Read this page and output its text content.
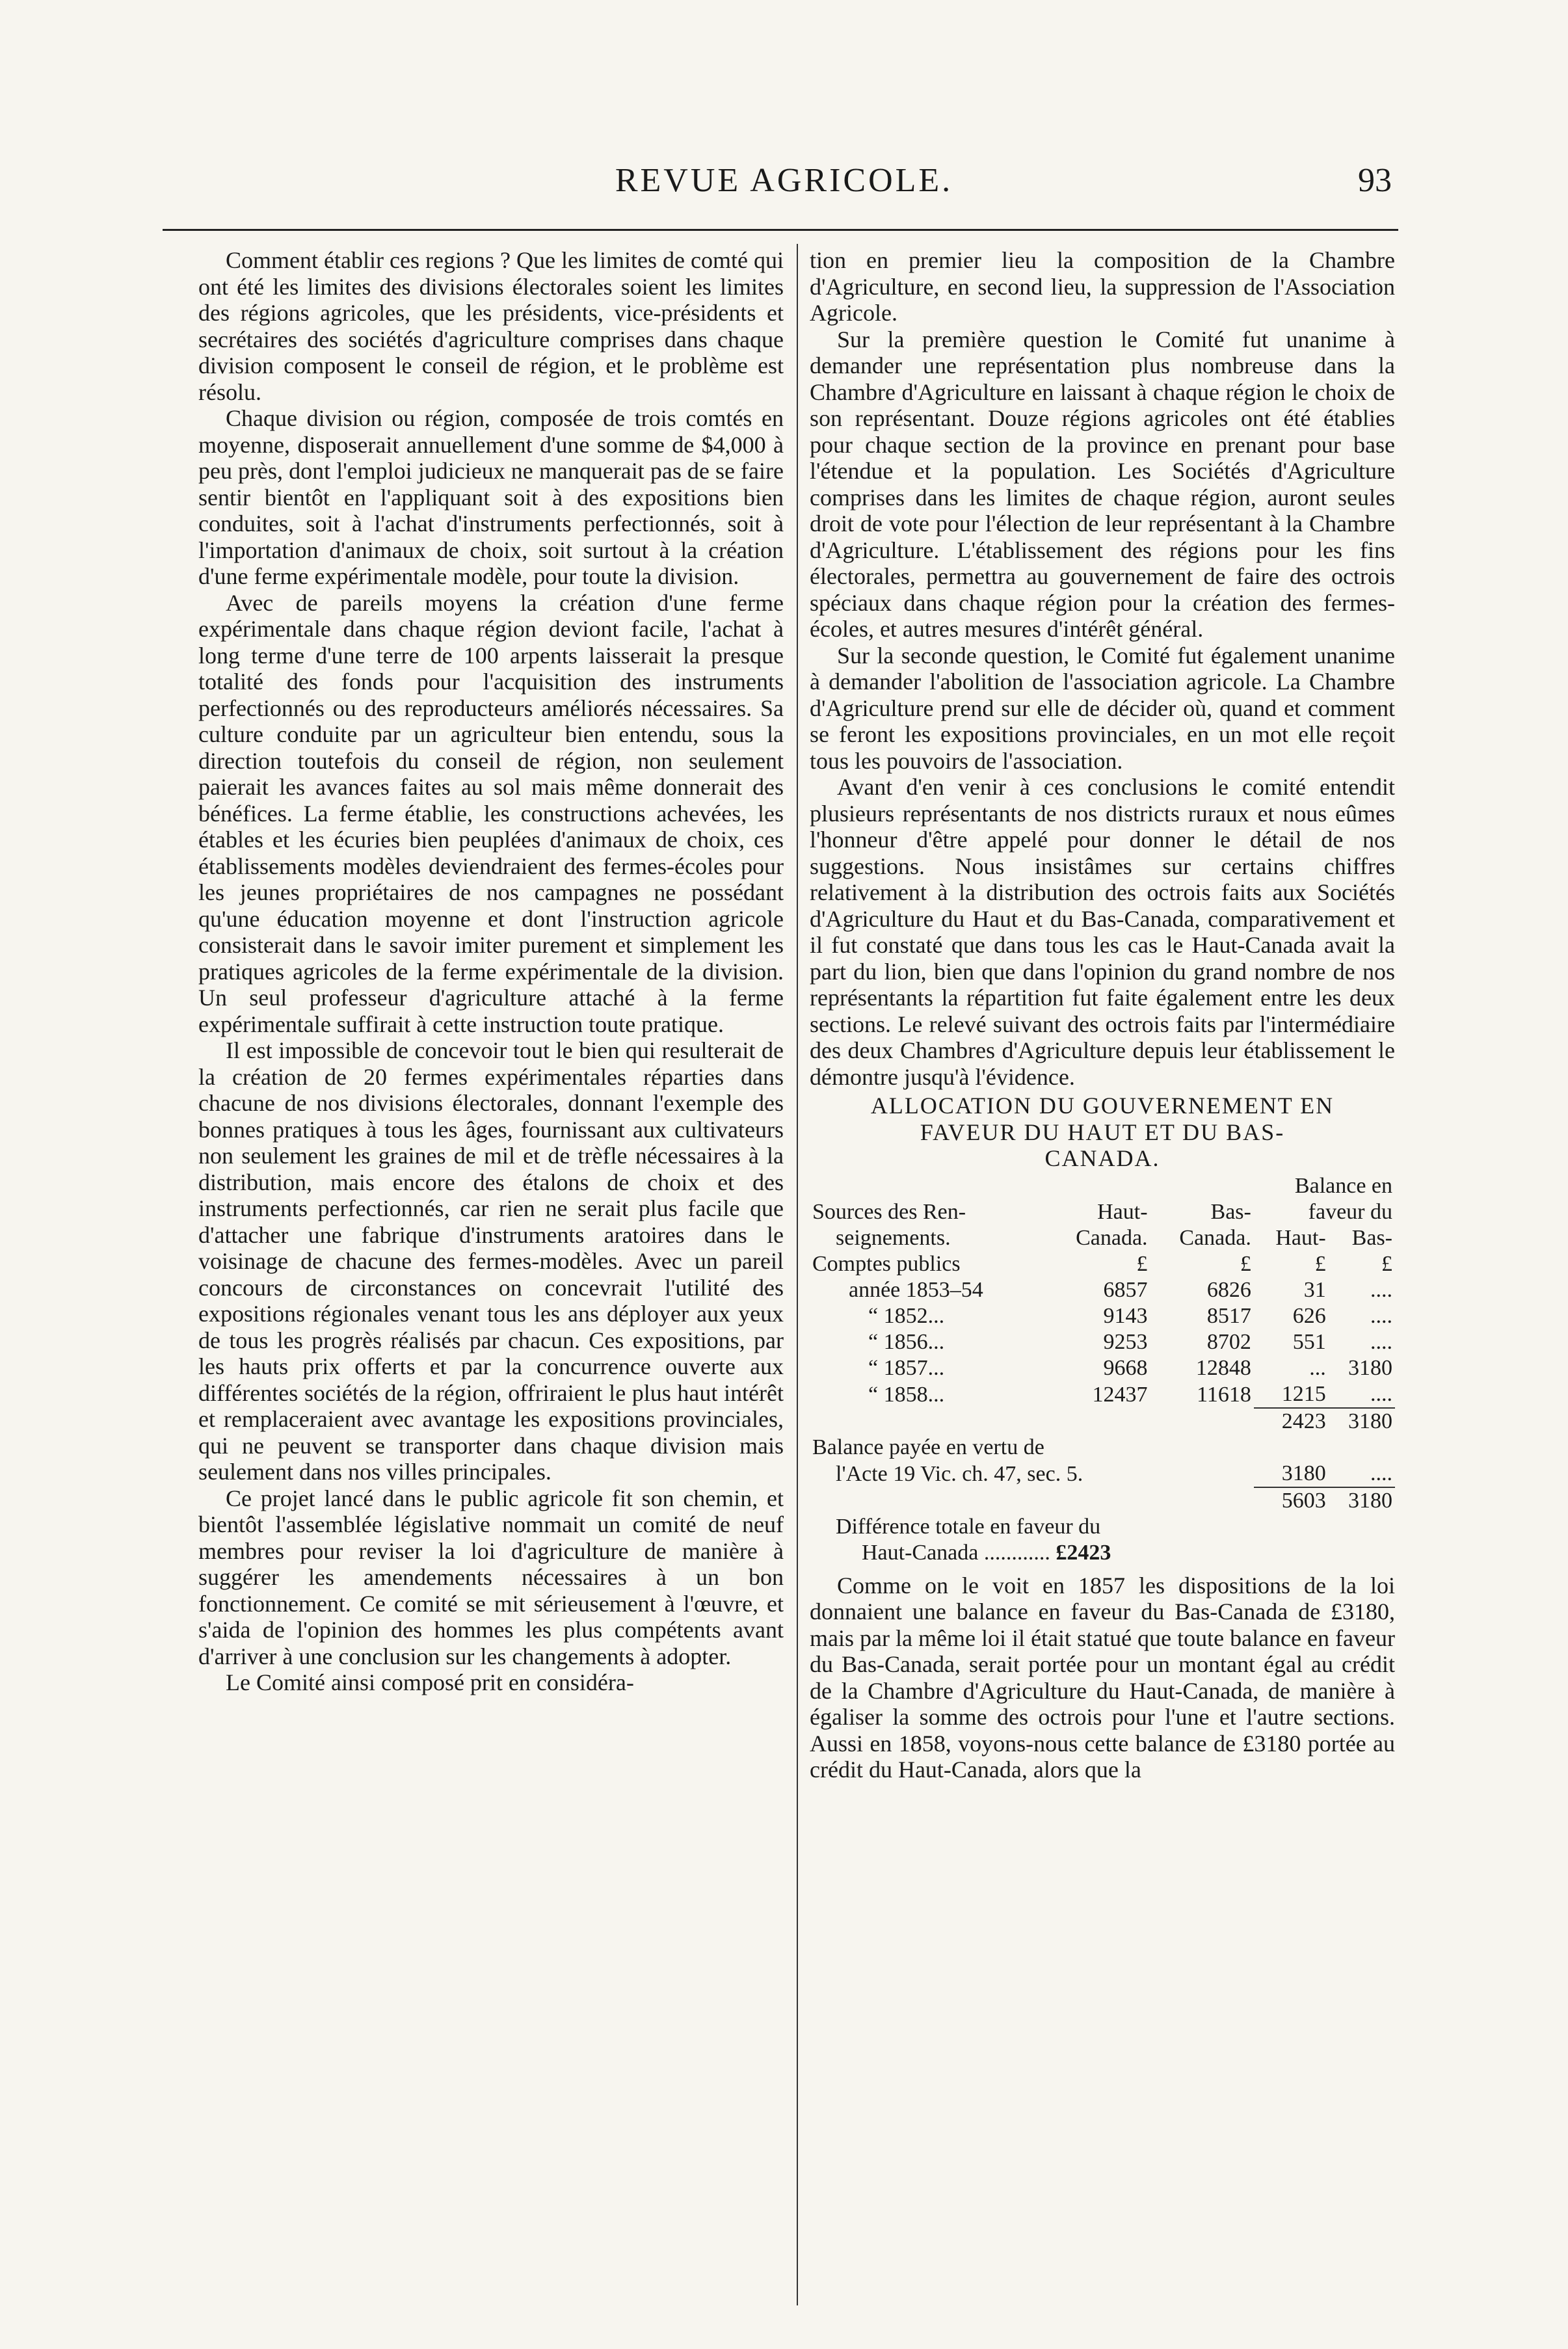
REVUE AGRICOLE.	93

Comment établir ces regions ? Que les limites de comté qui ont été les limites des divisions électorales soient les limites des régions agricoles, que les présidents, vice-présidents et secrétaires des sociétés d'agriculture comprises dans chaque division composent le conseil de région, et le problème est résolu.

Chaque division ou région, composée de trois comtés en moyenne, disposerait annuellement d'une somme de $4,000 à peu près, dont l'emploi judicieux ne manquerait pas de se faire sentir bientôt en l'appliquant soit à des expositions bien conduites, soit à l'achat d'instruments perfectionnés, soit à l'importation d'animaux de choix, soit surtout à la création d'une ferme expérimentale modèle, pour toute la division.

Avec de pareils moyens la création d'une ferme expérimentale dans chaque région deviont facile, l'achat à long terme d'une terre de 100 arpents laisserait la presque totalité des fonds pour l'acquisition des instruments perfectionnés ou des reproducteurs améliorés nécessaires. Sa culture conduite par un agriculteur bien entendu, sous la direction toutefois du conseil de région, non seulement paierait les avances faites au sol mais même donnerait des bénéfices. La ferme établie, les constructions achevées, les étables et les écuries bien peuplées d'animaux de choix, ces établissements modèles deviendraient des fermes-écoles pour les jeunes propriétaires de nos campagnes ne possédant qu'une éducation moyenne et dont l'instruction agricole consisterait dans le savoir imiter purement et simplement les pratiques agricoles de la ferme expérimentale de la division. Un seul professeur d'agriculture attaché à la ferme expérimentale suffirait à cette instruction toute pratique.

Il est impossible de concevoir tout le bien qui resulterait de la création de 20 fermes expérimentales réparties dans chacune de nos divisions électorales, donnant l'exemple des bonnes pratiques à tous les âges, fournissant aux cultivateurs non seulement les graines de mil et de trèfle nécessaires à la distribution, mais encore des étalons de choix et des instruments perfectionnés, car rien ne serait plus facile que d'attacher une fabrique d'instruments aratoires dans le voisinage de chacune des fermes-modèles. Avec un pareil concours de circonstances on concevrait l'utilité des expositions régionales venant tous les ans déployer aux yeux de tous les progrès réalisés par chacun. Ces expositions, par les hauts prix offerts et par la concurrence ouverte aux différentes sociétés de la région, offriraient le plus haut intérêt et remplaceraient avec avantage les expositions provinciales, qui ne peuvent se transporter dans chaque division mais seulement dans nos villes principales.

Ce projet lancé dans le public agricole fit son chemin, et bientôt l'assemblée législative nommait un comité de neuf membres pour reviser la loi d'agriculture de manière à suggérer les amendements nécessaires à un bon fonctionnement. Ce comité se mit sérieusement à l'œuvre, et s'aida de l'opinion des hommes les plus compétents avant d'arriver à une conclusion sur les changements à adopter.

Le Comité ainsi composé prit en considéra-

tion en premier lieu la composition de la Chambre d'Agriculture, en second lieu, la suppression de l'Association Agricole.

Sur la première question le Comité fut unanime à demander une représentation plus nombreuse dans la Chambre d'Agriculture en laissant à chaque région le choix de son représentant. Douze régions agricoles ont été établies pour chaque section de la province en prenant pour base l'étendue et la population. Les Sociétés d'Agriculture comprises dans les limites de chaque région, auront seules droit de vote pour l'élection de leur représentant à la Chambre d'Agriculture. L'établissement des régions pour les fins électorales, permettra au gouvernement de faire des octrois spéciaux dans chaque région pour la création des fermes-écoles, et autres mesures d'intérêt général.

Sur la seconde question, le Comité fut également unanime à demander l'abolition de l'association agricole. La Chambre d'Agriculture prend sur elle de décider où, quand et comment se feront les expositions provinciales, en un mot elle reçoit tous les pouvoirs de l'association.

Avant d'en venir à ces conclusions le comité entendit plusieurs représentants de nos districts ruraux et nous eûmes l'honneur d'être appelé pour donner le détail de nos suggestions. Nous insistâmes sur certains chiffres relativement à la distribution des octrois faits aux Sociétés d'Agriculture du Haut et du Bas-Canada, comparativement et il fut constaté que dans tous les cas le Haut-Canada avait la part du lion, bien que dans l'opinion du grand nombre de nos représentants la répartition fut faite également entre les deux sections. Le relevé suivant des octrois faits par l'intermédiaire des deux Chambres d'Agriculture depuis leur établissement le démontre jusqu'à l'évidence.

ALLOCATION DU GOUVERNEMENT EN
FAVEUR DU HAUT ET DU BAS-
CANADA.
			Balance en	
Sources des Ren-	Haut-	Bas-	faveur du	
seignements.	Canada.	Canada.	Haut-	Bas-
Comptes publics	£	£	£	£
année 1853–54	6857	6826	31	....
“ 1852...	9143	8517	626	....
“ 1856...	9253	8702	551	....
“ 1857...	9668	12848	...	3180
“ 1858...	12437	11618	1215	....
			2423	3180
Balance payée en vertu de				
l'Acte 19 Vic. ch. 47, sec. 5.			3180	....
			5603	3180
Différence totale en faveur du
Haut-Canada ............ £2423

Comme on le voit en 1857 les dispositions de la loi donnaient une balance en faveur du Bas-Canada de £3180, mais par la même loi il était statué que toute balance en faveur du Bas-Canada, serait portée pour un montant égal au crédit de la Chambre d'Agriculture du Haut-Canada, de manière à égaliser la somme des octrois pour l'une et l'autre sections. Aussi en 1858, voyons-nous cette balance de £3180 portée au crédit du Haut-Canada, alors que la
